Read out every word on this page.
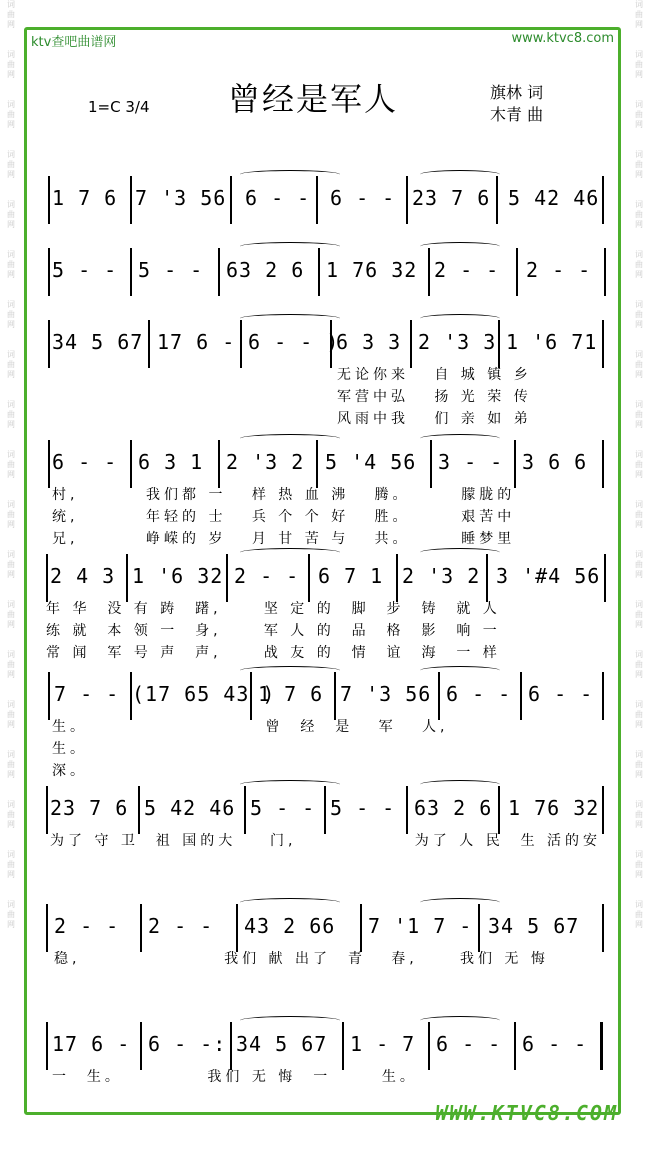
词
曲
网

词
曲
网

词
曲
网

词
曲
网

词
曲
网

词
曲
网

词
曲
网

词
曲
网

词
曲
网

词
曲
网

词
曲
网

词
曲
网

词
曲
网

词
曲
网

词
曲
网

词
曲
网

词
曲
网

词
曲
网

词
曲
网
词
曲
网

词
曲
网

词
曲
网

词
曲
网

词
曲
网

词
曲
网

词
曲
网

词
曲
网

词
曲
网

词
曲
网

词
曲
网

词
曲
网

词
曲
网

词
曲
网

词
曲
网

词
曲
网

词
曲
网

词
曲
网

词
曲
网
ktv查吧曲谱网	www.ktvc8.com
1=C 3/4 曾经是军人	旗林 词
木青 曲
1 7 6 7 '3 56 6 - - 6 - - 23 7 6 5 42 46
5 - - 5 - - 63 2 6 1 76 32 2 - - 2 - -
34 5 67 17 6 - 6 - - )
6 3 3 2 '3 3 1 '6 71
无论你来   自 城 镇 乡
军营中弘   扬 光 荣 传
风雨中我   们 亲 如 弟
6 - - 6 3 1 2 '3 2 5 '4 56 3 - - 3 6 6
村,        我们都 一   样 热 血 沸   腾。      朦胧的
统,        年轻的 士   兵 个 个 好   胜。      艰苦中
兄,        峥嵘的 岁   月 甘 苦 与   共。      睡梦里
2 4 3 1 '6 32 2 - - 6 7 1 2 '3 2 3 '#4 56
年 华  没 有 踌  躇,     坚 定 的  脚  步  铸  就 人
练 就  本 领 一  身,     军 人 的  品  格  影  响 一
常 闻  军 号 声  声,     战 友 的  情  谊  海  一 样
7 - - (17 65 43 )
1 7 6 7 '3 56 6 - - 6 - -
生。                     曾  经  是   军   人,
生。
深。
23 7 6 5 42 46 5 - - 5 - - 63 2 6 1 76 32
为了 守 卫  祖 国的大    门,              为了 人 民  生 活的安
2 - - 2 - - 43 2 66 7 '1 7 - 34 5 67
稳,                 我们 献 出了  青   春,     我们 无 悔
17 6 - 6 - -: 34 5 67 1 - 7 6 - - 6 - -
一  生。          我们 无 悔  一      生。
WWW.KTVC8.COM
